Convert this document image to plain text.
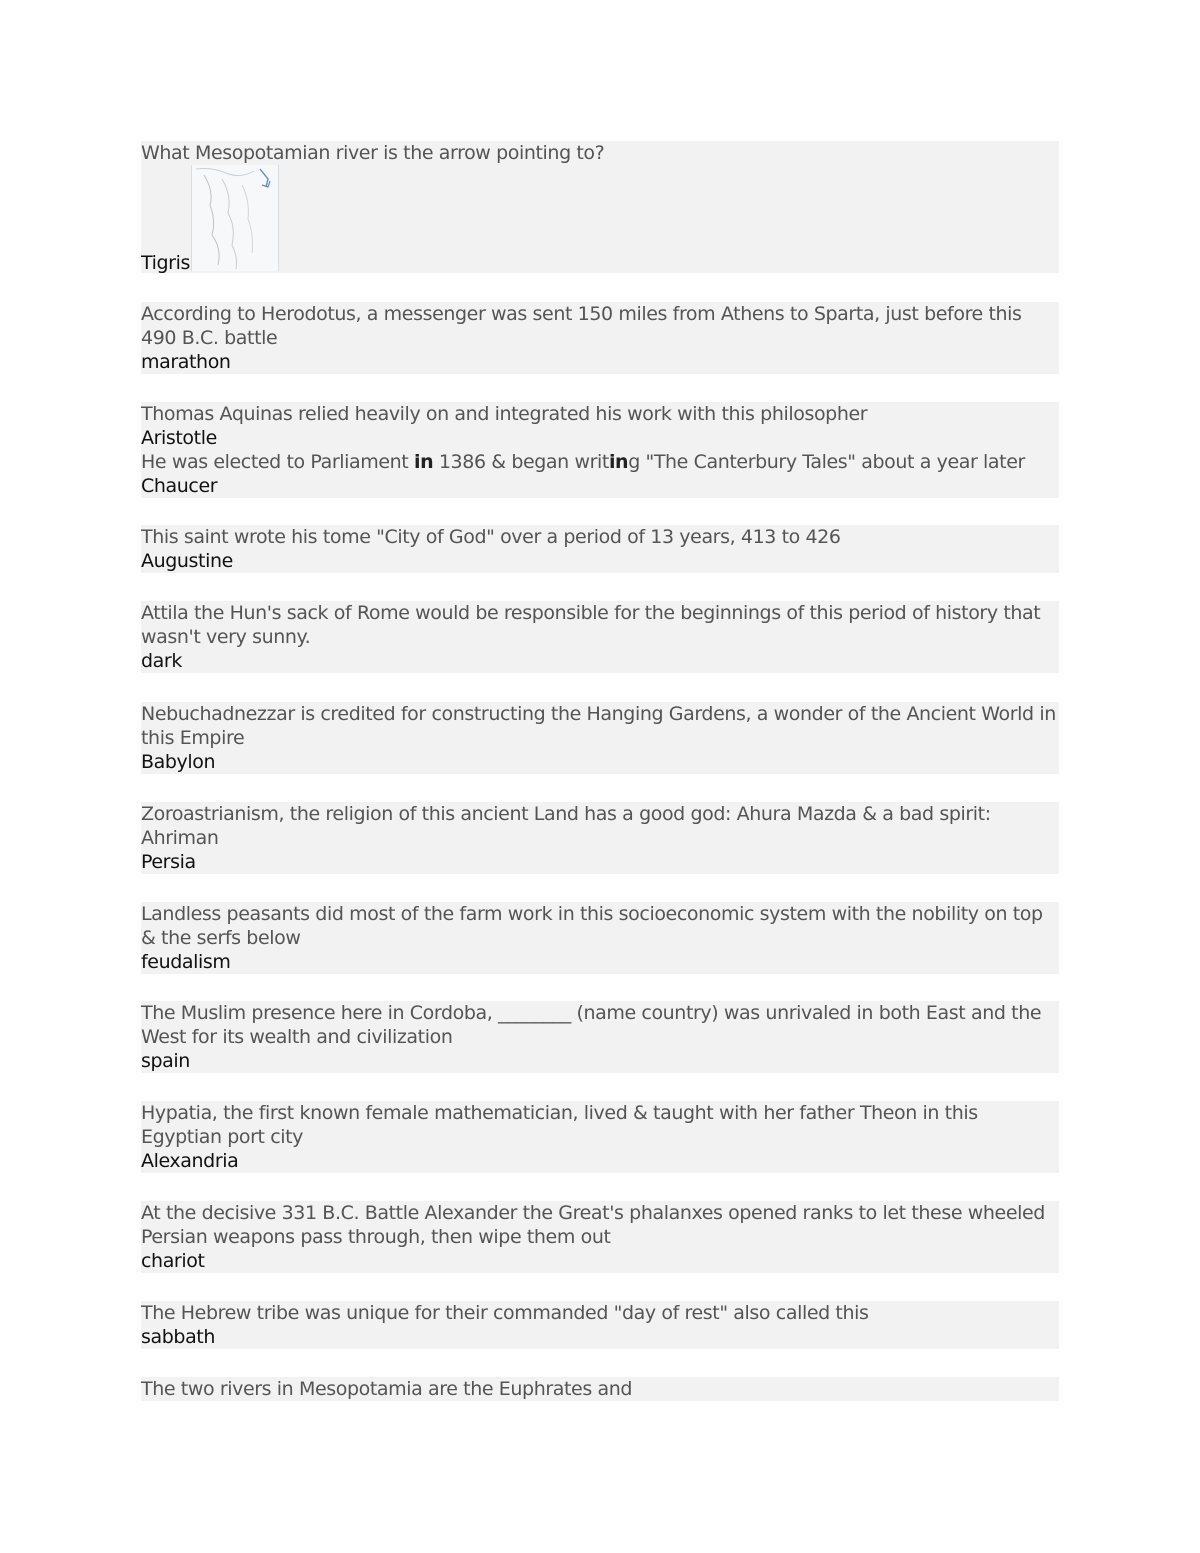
What Mesopotamian river is the arrow pointing to?
Tigris
According to Herodotus, a messenger was sent 150 miles from Athens to Sparta, just before this 490 B.C. battle
marathon
Thomas Aquinas relied heavily on and integrated his work with this philosopher
Aristotle
He was elected to Parliament in 1386 & began writing "The Canterbury Tales" about a year later
Chaucer
This saint wrote his tome "City of God" over a period of 13 years, 413 to 426
Augustine
Attila the Hun's sack of Rome would be responsible for the beginnings of this period of history that wasn't very sunny.
dark
Nebuchadnezzar is credited for constructing the Hanging Gardens, a wonder of the Ancient World in this Empire
Babylon
Zoroastrianism, the religion of this ancient Land has a good god: Ahura Mazda & a bad spirit: Ahriman
Persia
Landless peasants did most of the farm work in this socioeconomic system with the nobility on top & the serfs below
feudalism
The Muslim presence here in Cordoba, ________ (name country) was unrivaled in both East and the West for its wealth and civilization
spain
Hypatia, the first known female mathematician, lived & taught with her father Theon in this Egyptian port city
Alexandria
At the decisive 331 B.C. Battle Alexander the Great's phalanxes opened ranks to let these wheeled Persian weapons pass through, then wipe them out
chariot
The Hebrew tribe was unique for their commanded "day of rest" also called this
sabbath
The two rivers in Mesopotamia are the Euphrates and
